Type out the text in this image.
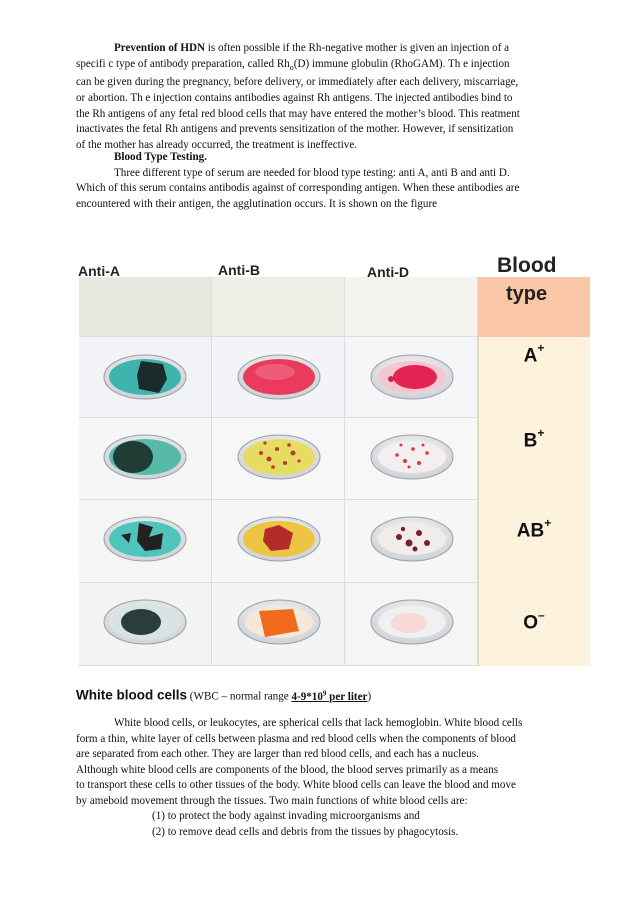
Prevention of HDN is often possible if the Rh-negative mother is given an injection of a
specifi c type of antibody preparation, called $Rh_o(D)$ immune globulin (RhoGAM). Th e injection
can be given during the pregnancy, before delivery, or immediately after each delivery, miscarriage,
or abortion. Th e injection contains antibodies against Rh antigens. The injected antibodies bind to
the Rh antigens of any fetal red blood cells that may have entered the mother’s blood. This reatment
inactivates the fetal Rh antigens and prevents sensitization of the mother. However, if sensitization
of the mother has already occurred, the treatment is ineffective.

Blood Type Testing.
Three different type of serum are needed for blood type testing: anti A, anti B and anti D.
Which of this serum contains antibodis against of corresponding antigen. When these antibodies are
encountered with their antigen, the agglutination occurs. It is shown on the figure

Anti-A	Anti-B	Anti-D	Blood
type
A+
B+
AB+
O–
White blood cells (WBC – normal range $4-9*10^9$ per liter)

White blood cells, or leukocytes, are spherical cells that lack hemoglobin. White blood cells
form a thin, white layer of cells between plasma and red blood cells when the components of blood
are separated from each other. They are larger than red blood cells, and each has a nucleus.
Although white blood cells are components of the blood, the blood serves primarily as a means
to transport these cells to other tissues of the body. White blood cells can leave the blood and move
by ameboid movement through the tissues. Two main functions of white blood cells are:

(1) to protect the body against invading microorganisms and
(2) to remove dead cells and debris from the tissues by phagocytosis.
